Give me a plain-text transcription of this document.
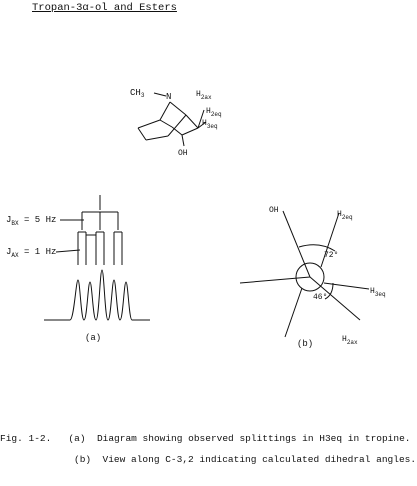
Tropan-3α-ol and Esters
$CH_3$ N	$H_{2ax}$
$H_{2eq}$
$H_{3eq}$
OH
$J_{BX} = 5$ Hz
$J_{AX} = 1$ Hz
(a)
OH	$H_{2eq}$
$H_{3eq}$
$H_{2ax}$
72°
46°
(b)
Fig. 1-2. (a) Diagram showing observed splittings in H3eq in tropine.
(b) View along C-3,2 indicating calculated dihedral angles.
